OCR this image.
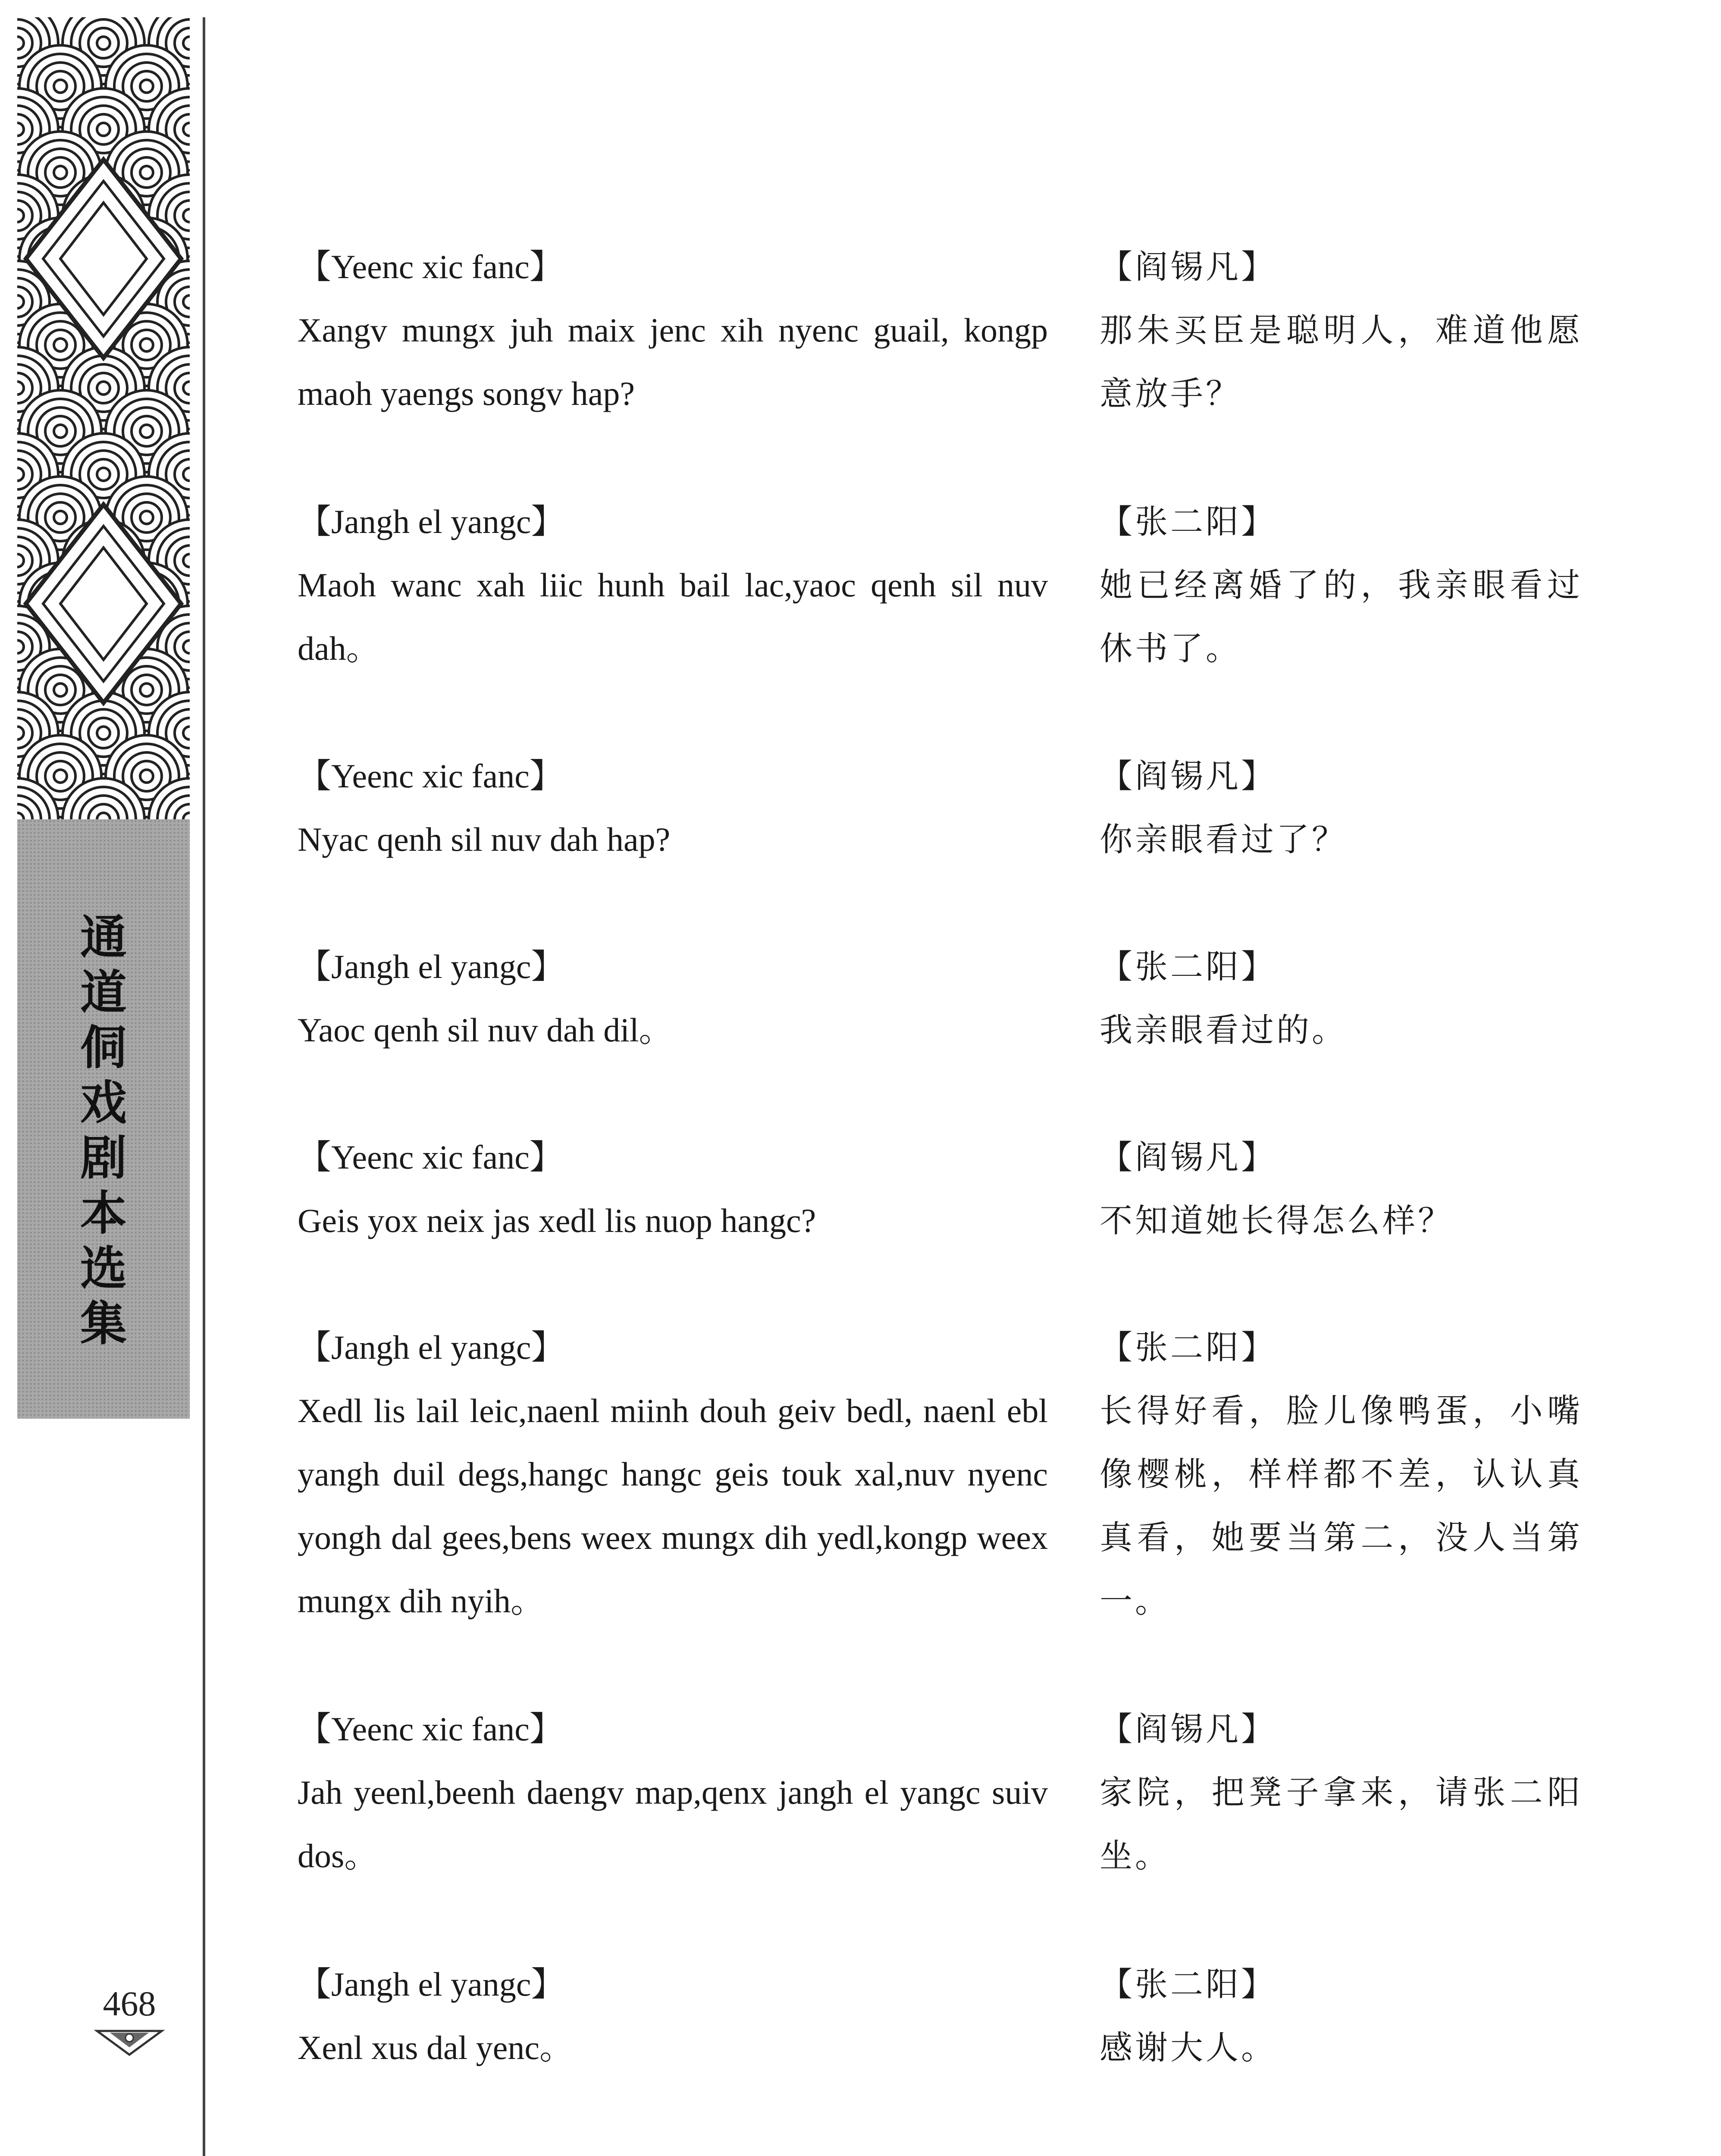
通
道
侗
戏
剧
本
选
集
468
【Yeenc xic fanc】
Xangv mungx juh maix jenc xih nyenc guail, kongp maoh yaengs songv hap?
【阎锡凡】
那朱买臣是聪明人，难道他愿意放手？
【Jangh el yangc】
Maoh wanc xah liic hunh bail lac,yaoc qenh sil nuv dah。
【张二阳】
她已经离婚了的，我亲眼看过休书了。
【Yeenc xic fanc】
Nyac qenh sil nuv dah hap?
【阎锡凡】
你亲眼看过了？
【Jangh el yangc】
Yaoc qenh sil nuv dah dil。
【张二阳】
我亲眼看过的。
【Yeenc xic fanc】
Geis yox neix jas xedl lis nuop hangc?
【阎锡凡】
不知道她长得怎么样？
【Jangh el yangc】
Xedl lis lail leic,naenl miinh douh geiv bedl, naenl ebl yangh duil degs,hangc hangc geis touk xal,nuv nyenc yongh dal gees,bens weex mungx dih yedl,kongp weex mungx dih nyih。
【张二阳】
长得好看，脸儿像鸭蛋，小嘴像樱桃，样样都不差，认认真真看，她要当第二，没人当第一。
【Yeenc xic fanc】
Jah yeenl,beenh daengv map,qenx jangh el yangc suiv dos。
【阎锡凡】
家院，把凳子拿来，请张二阳坐。
【Jangh el yangc】
Xenl xus dal yenc。
【张二阳】
感谢大人。
